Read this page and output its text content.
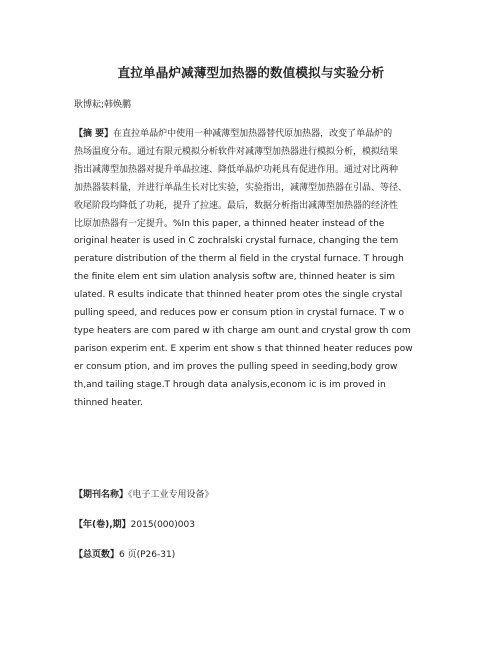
直拉单晶炉减薄型加热器的数值模拟与实验分析
耿博耘;韩焕鹏
【摘 要】在直拉单晶炉中使用一种减薄型加热器替代原加热器，改变了单晶炉的
热场温度分布。通过有限元模拟分析软件对减薄型加热器进行模拟分析，模拟结果
指出减薄型加热器对提升单晶拉速、降低单晶炉功耗具有促进作用。通过对比两种
加热器装料量，并进行单晶生长对比实验，实验指出，减薄型加热器在引晶、等径、
收尾阶段均降低了功耗，提升了拉速。最后，数据分析指出减薄型加热器的经济性
比原加热器有一定提升。%In this paper, a thinned heater instead of the
original heater is used in C zochralski crystal furnace, changing the tem
perature distribution of the therm al field in the crystal furnace. T hrough
the finite elem ent sim ulation analysis softw are, thinned heater is sim
ulated. R esults indicate that thinned heater prom otes the single crystal
pulling speed, and reduces pow er consum ption in crystal furnace. T w o
type heaters are com pared w ith charge am ount and crystal grow th com
parison experim ent. E xperim ent show s that thinned heater reduces pow
er consum ption, and im proves the pulling speed in seeding,body grow
th,and tailing stage.T hrough data analysis,econom ic is im proved in
thinned heater.
【期刊名称】《电子工业专用设备》
【年(卷),期】2015(000)003
【总页数】6 页(P26-31)
